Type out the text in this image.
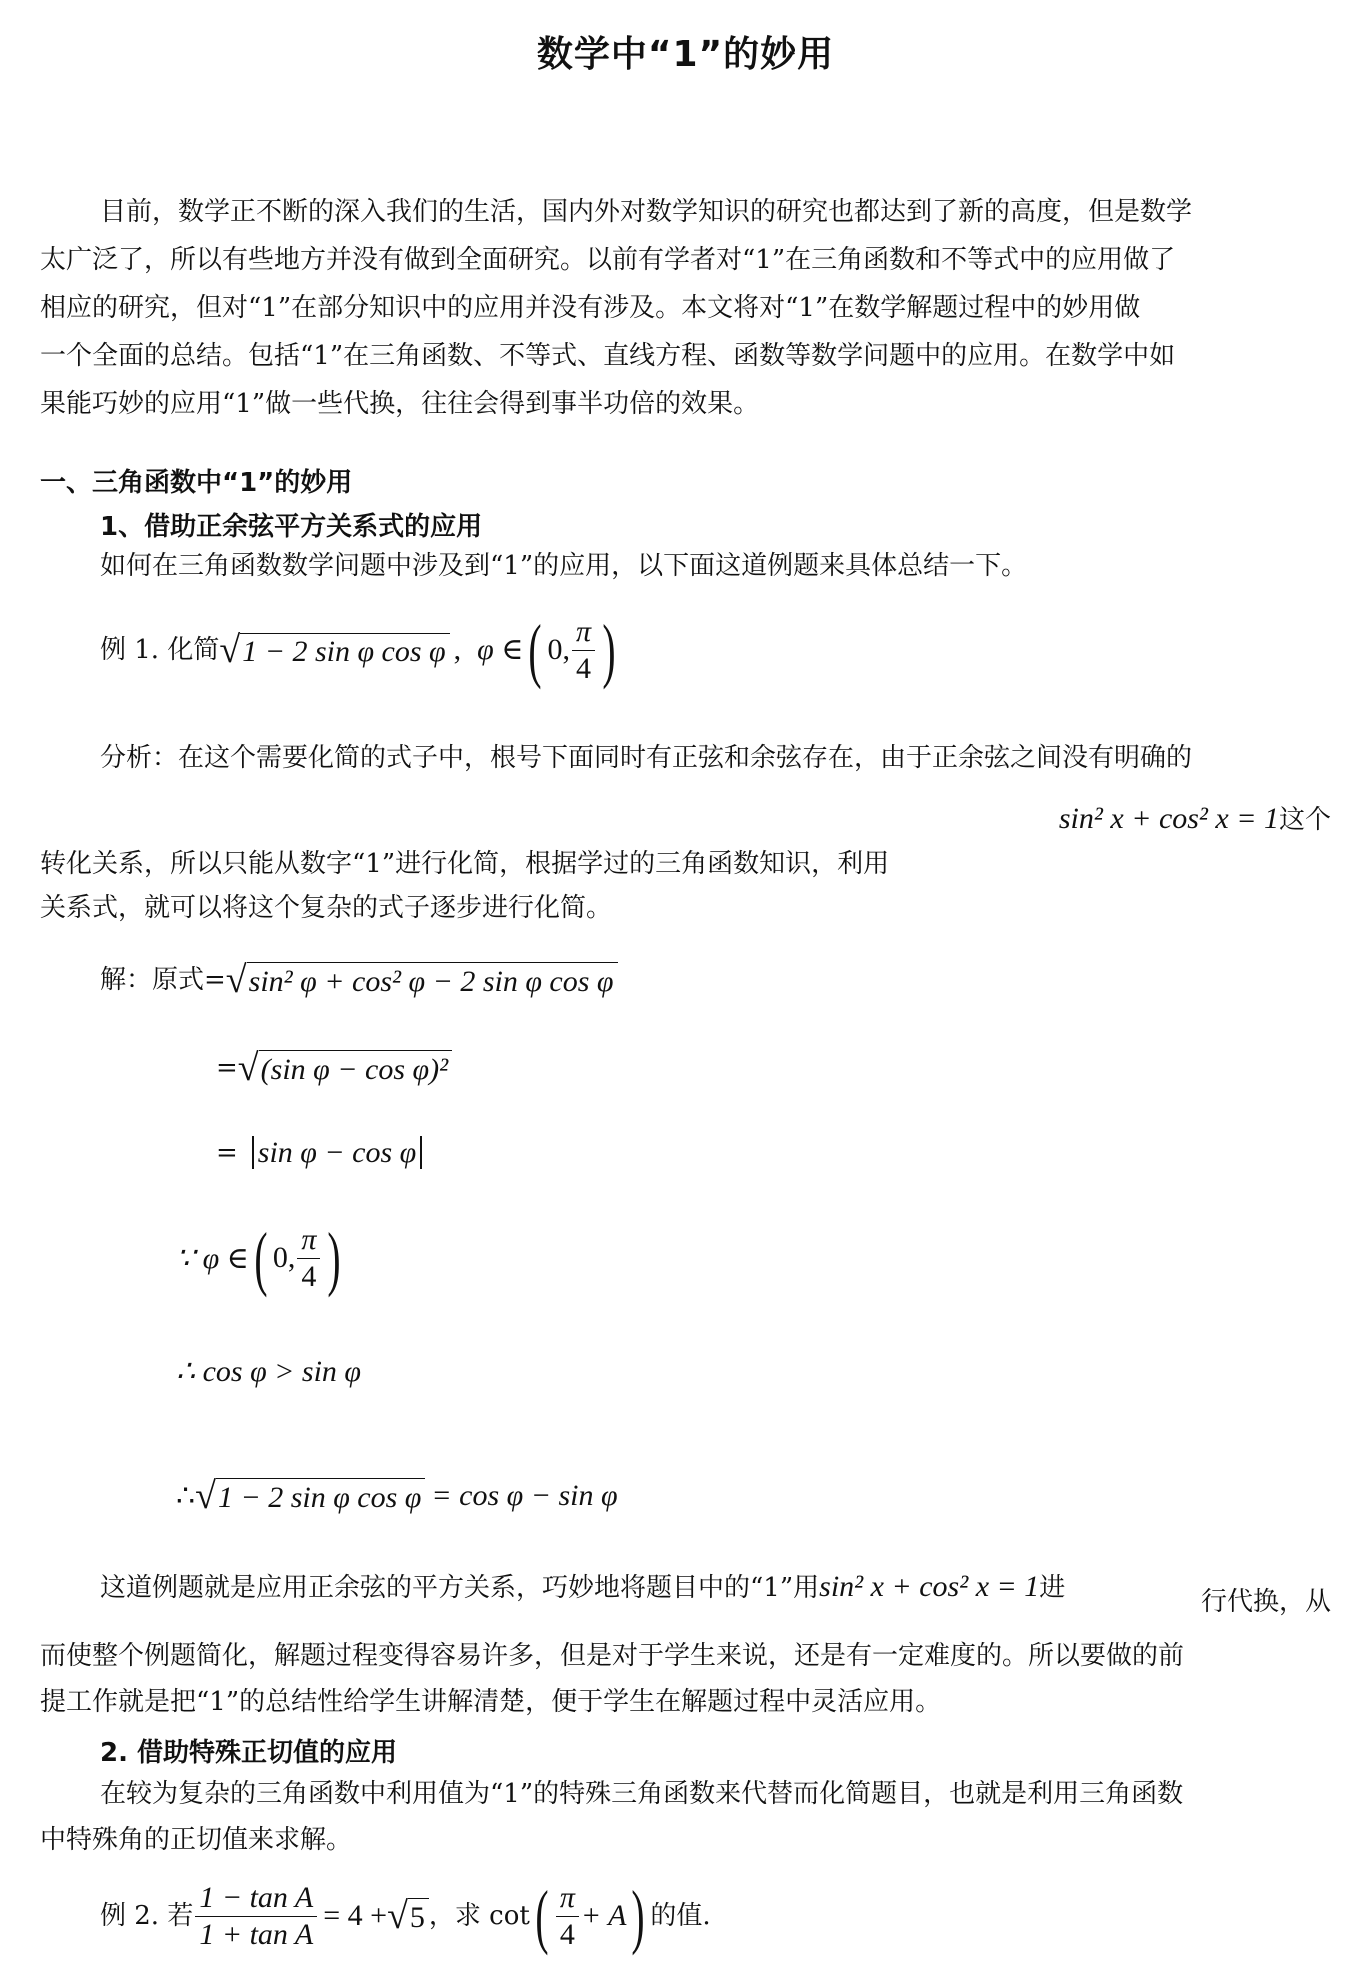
数学中“1”的妙用
目前，数学正不断的深入我们的生活，国内外对数学知识的研究也都达到了新的高度，但是数学
太广泛了，所以有些地方并没有做到全面研究。以前有学者对“1”在三角函数和不等式中的应用做了
相应的研究，但对“1”在部分知识中的应用并没有涉及。本文将对“1”在数学解题过程中的妙用做
一个全面的总结。包括“1”在三角函数、不等式、直线方程、函数等数学问题中的应用。在数学中如
果能巧妙的应用“1”做一些代换，往往会得到事半功倍的效果。
一、三角函数中“1”的妙用
1、借助正余弦平方关系式的应用
如何在三角函数数学问题中涉及到“1”的应用，以下面这道例题来具体总结一下。
例 1. 化简 √1 − 2 sin φ cos φ , φ ∈ ( 0, $\frac{\pi}{4}$ )
分析：在这个需要化简的式子中，根号下面同时有正弦和余弦存在，由于正余弦之间没有明确的
sin² x + cos² x = 1 这个
转化关系，所以只能从数字“1”进行化简，根据学过的三角函数知识，利用
关系式，就可以将这个复杂的式子逐步进行化简。
解：原式= √sin² φ + cos² φ − 2 sin φ cos φ
= √(sin φ − cos φ)²
= sin φ − cos φ
∵ φ ∈ ( 0, $\frac{\pi}{4}$ )
∴ cos φ > sin φ
∴ √1 − 2 sin φ cos φ = cos φ − sin φ
这道例题就是应用正余弦的平方关系，巧妙地将题目中的“1”用 sin² x + cos² x = 1 进	行代换，从
而使整个例题简化，解题过程变得容易许多，但是对于学生来说，还是有一定难度的。所以要做的前
提工作就是把“1”的总结性给学生讲解清楚，便于学生在解题过程中灵活应用。
2. 借助特殊正切值的应用
在较为复杂的三角函数中利用值为“1”的特殊三角函数来代替而化简题目，也就是利用三角函数
中特殊角的正切值来求解。
例 2. 若 $\frac{\text{1 − tan A}}{\text{1 + tan A}} = 4 + √5$ ，求 cot ( $\frac{\pi}{4} + A$ ) 的值.
